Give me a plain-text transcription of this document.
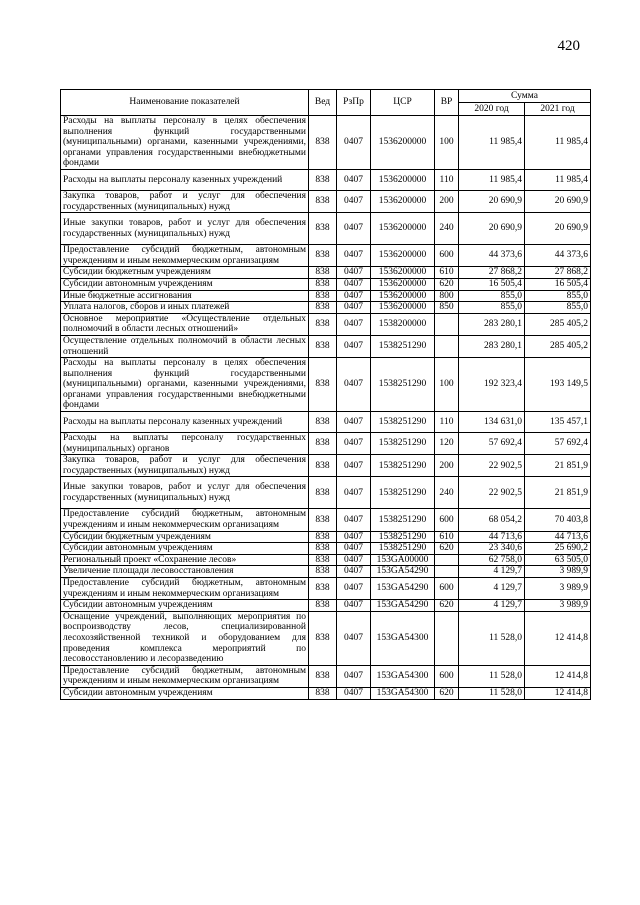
420
Наименование показателей	Вед	РзПр	ЦСР	ВР	Сумма	
					2020 год	2021 год
Расходы на выплаты персоналу в целях обеспечения выполнения функций государственными (муниципальными) органами, казенными учреждениями, органами управления государственными внебюджетными фондами	838	0407	1536200000	100	11 985,4	11 985,4
Расходы на выплаты персоналу казенных учреждений	838	0407	1536200000	110	11 985,4	11 985,4
Закупка товаров, работ и услуг для обеспечения государственных (муниципальных) нужд	838	0407	1536200000	200	20 690,9	20 690,9
Иные закупки товаров, работ и услуг для обеспечения государственных (муниципальных) нужд	838	0407	1536200000	240	20 690,9	20 690,9
Предоставление субсидий бюджетным, автономным учреждениям и иным некоммерческим организациям	838	0407	1536200000	600	44 373,6	44 373,6
Субсидии бюджетным учреждениям	838	0407	1536200000	610	27 868,2	27 868,2
Субсидии автономным учреждениям	838	0407	1536200000	620	16 505,4	16 505,4
Иные бюджетные ассигнования	838	0407	1536200000	800	855,0	855,0
Уплата налогов, сборов и иных платежей	838	0407	1536200000	850	855,0	855,0
Основное мероприятие «Осуществление отдельных полномочий в области лесных отношений»	838	0407	1538200000		283 280,1	285 405,2
Осуществление отдельных полномочий в области лесных отношений	838	0407	1538251290		283 280,1	285 405,2
Расходы на выплаты персоналу в целях обеспечения выполнения функций государственными (муниципальными) органами, казенными учреждениями, органами управления государственными внебюджетными фондами	838	0407	1538251290	100	192 323,4	193 149,5
Расходы на выплаты персоналу казенных учреждений	838	0407	1538251290	110	134 631,0	135 457,1
Расходы на выплаты персоналу государственных (муниципальных) органов	838	0407	1538251290	120	57 692,4	57 692,4
Закупка товаров, работ и услуг для обеспечения государственных (муниципальных) нужд	838	0407	1538251290	200	22 902,5	21 851,9
Иные закупки товаров, работ и услуг для обеспечения государственных (муниципальных) нужд	838	0407	1538251290	240	22 902,5	21 851,9
Предоставление субсидий бюджетным, автономным учреждениям и иным некоммерческим организациям	838	0407	1538251290	600	68 054,2	70 403,8
Субсидии бюджетным учреждениям	838	0407	1538251290	610	44 713,6	44 713,6
Субсидии автономным учреждениям	838	0407	1538251290	620	23 340,6	25 690,2
Региональный проект «Сохранение лесов»	838	0407	153GA00000		62 758,0	63 505,0
Увеличение площади лесовосстановления	838	0407	153GA54290		4 129,7	3 989,9
Предоставление субсидий бюджетным, автономным учреждениям и иным некоммерческим организациям	838	0407	153GA54290	600	4 129,7	3 989,9
Субсидии автономным учреждениям	838	0407	153GA54290	620	4 129,7	3 989,9
Оснащение учреждений, выполняющих мероприятия по воспроизводству лесов, специализированной лесохозяйственной техникой и оборудованием для проведения комплекса мероприятий по лесовосстановлению и лесоразведению	838	0407	153GA54300		11 528,0	12 414,8
Предоставление субсидий бюджетным, автономным учреждениям и иным некоммерческим организациям	838	0407	153GA54300	600	11 528,0	12 414,8
Субсидии автономным учреждениям	838	0407	153GA54300	620	11 528,0	12 414,8
